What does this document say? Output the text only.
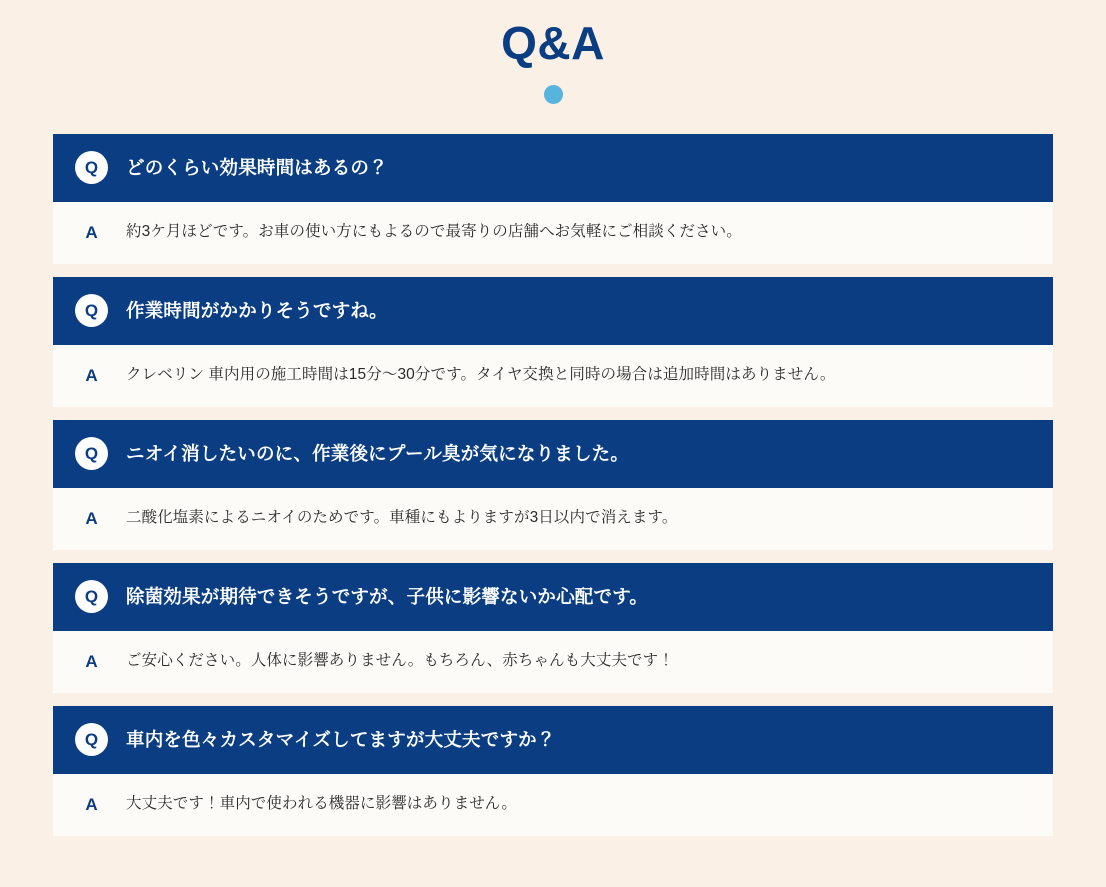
Q&A
Q	どのくらい効果時間はあるの？
A	約3ケ月ほどです。お車の使い方にもよるので最寄りの店舗へお気軽にご相談ください。
Q	作業時間がかかりそうですね。
A	クレベリン 車内用の施工時間は15分〜30分です。タイヤ交換と同時の場合は追加時間はありません。
Q	ニオイ消したいのに、作業後にプール臭が気になりました。
A	二酸化塩素によるニオイのためです。車種にもよりますが3日以内で消えます。
Q	除菌効果が期待できそうですが、子供に影響ないか心配です。
A	ご安心ください。人体に影響ありません。もちろん、赤ちゃんも大丈夫です！
Q	車内を色々カスタマイズしてますが大丈夫ですか？
A	大丈夫です！車内で使われる機器に影響はありません。
